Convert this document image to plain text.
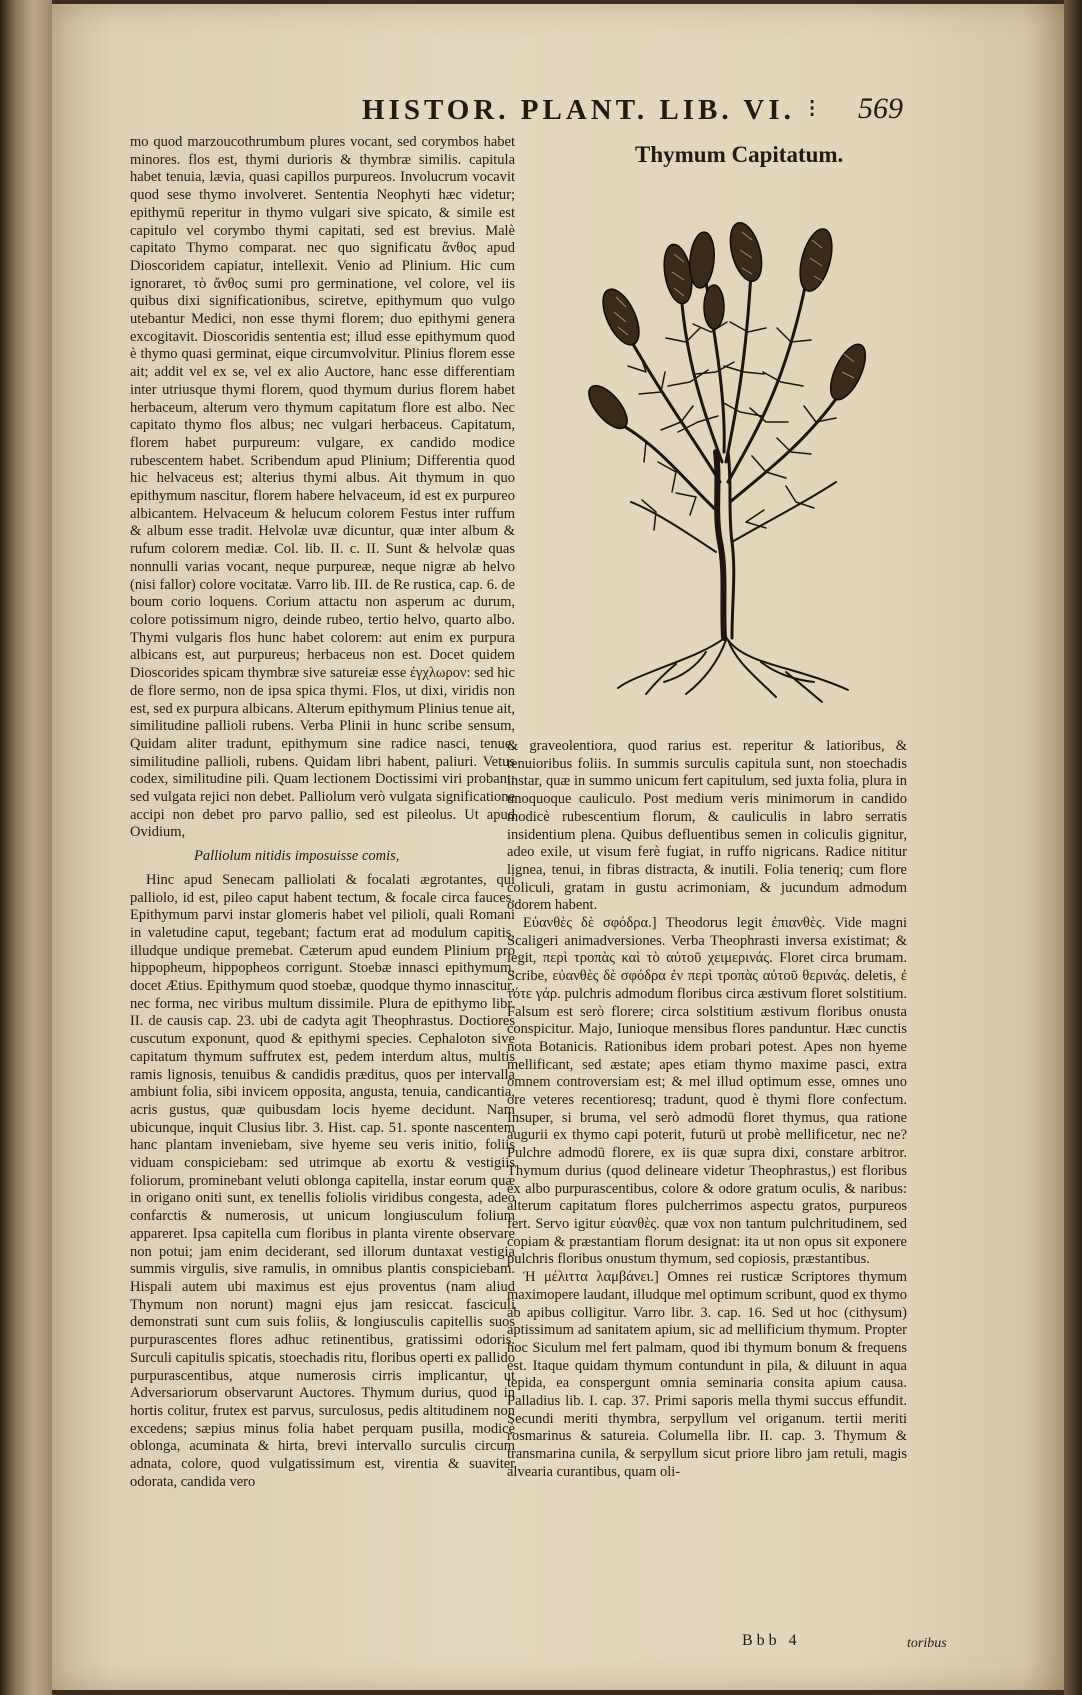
HISTOR. PLANT. LIB. VI. ⁝ 569

mo quod marzoucothrumbum plures vocant, sed corymbos habet minores. flos est, thymi durioris & thymbræ similis. capitula habet tenuia, lævia, quasi capillos purpureos. Involucrum vocavit quod sese thymo involveret. Sententia Neophyti hæc videtur; epithymū reperitur in thymo vulgari sive spicato, & simile est capitulo vel corymbo thymi capitati, sed est brevius. Malè capitato Thymo comparat. nec quo significatu ἄνθος apud Dioscoridem capiatur, intellexit. Venio ad Plinium. Hic cum ignoraret, τὸ ἄνθος sumi pro germinatione, vel colore, vel iis quibus dixi significationibus, sciretve, epithymum quo vulgo utebantur Medici, non esse thymi florem; duo epithymi genera excogitavit. Dioscoridis sententia est; illud esse epithymum quod è thymo quasi germinat, eique circumvolvitur. Plinius florem esse ait; addit vel ex se, vel ex alio Auctore, hanc esse differentiam inter utriusque thymi florem, quod thymum durius florem habet herbaceum, alterum vero thymum capitatum flore est albo. Nec capitato thymo flos albus; nec vulgari herbaceus. Capitatum, florem habet purpureum: vulgare, ex candido modice rubescentem habet. Scribendum apud Plinium; Differentia quod hic helvaceus est; alterius thymi albus. Ait thymum in quo epithymum nascitur, florem habere helvaceum, id est ex purpureo albicantem. Helvaceum & helucum colorem Festus inter ruffum & album esse tradit. Helvolæ uvæ dicuntur, quæ inter album & rufum colorem mediæ. Col. lib. II. c. II. Sunt & helvolæ quas nonnulli varias vocant, neque purpureæ, neque nigræ ab helvo (nisi fallor) colore vocitatæ. Varro lib. III. de Re rustica, cap. 6. de boum corio loquens. Corium attactu non asperum ac durum, colore potissimum nigro, deinde rubeo, tertio helvo, quarto albo. Thymi vulgaris flos hunc habet colorem: aut enim ex purpura albicans est, aut purpureus; herbaceus non est. Docet quidem Dioscorides spicam thymbræ sive satureiæ esse ἐγχλωρον: sed hic de flore sermo, non de ipsa spica thymi. Flos, ut dixi, viridis non est, sed ex purpura albicans. Alterum epithymum Plinius tenue ait, similitudine pallioli rubens. Verba Plinii in hunc scribe sensum, Quidam aliter tradunt, epithymum sine radice nasci, tenue, similitudine pallioli, rubens. Quidam libri habent, paliuri. Vetus codex, similitudine pili. Quam lectionem Doctissimi viri probant: sed vulgata rejici non debet. Palliolum verò vulgata significatione accipi non debet pro parvo pallio, sed est pileolus. Ut apud Ovidium,

Palliolum nitidis imposuisse comis,

Hinc apud Senecam palliolati & focalati ægrotantes, qui palliolo, id est, pileo caput habent tectum, & focale circa fauces. Epithymum parvi instar glomeris habet vel pilioli, quali Romani in valetudine caput, tegebant; factum erat ad modulum capitis, illudque undique premebat. Cæterum apud eundem Plinium pro hippopheum, hippopheos corrigunt. Stoebæ innasci epithymum, docet Ætius. Epithymum quod stoebæ, quodque thymo innascitur, nec forma, nec viribus multum dissimile. Plura de epithymo libr. II. de causis cap. 23. ubi de cadyta agit Theophrastus. Doctiores cuscutum exponunt, quod & epithymi species. Cephaloton sive capitatum thymum suffrutex est, pedem interdum altus, multis ramis lignosis, tenuibus & candidis præditus, quos per intervalla ambiunt folia, sibi invicem opposita, angusta, tenuia, candicantia, acris gustus, quæ quibusdam locis hyeme decidunt. Nam ubicunque, inquit Clusius libr. 3. Hist. cap. 51. sponte nascentem hanc plantam inveniebam, sive hyeme seu veris initio, foliis viduam conspiciebam: sed utrimque ab exortu & vestigiis foliorum, prominebant veluti oblonga capitella, instar eorum quæ in origano oniti sunt, ex tenellis foliolis viridibus congesta, adeo confarctis & numerosis, ut unicum longiusculum folium appareret. Ipsa capitella cum floribus in planta virente observare non potui; jam enim deciderant, sed illorum duntaxat vestigia summis virgulis, sive ramulis, in omnibus plantis conspiciebam. Hispali autem ubi maximus est ejus proventus (nam aliud Thymum non norunt) magni ejus jam resiccat. fasciculi demonstrati sunt cum suis foliis, & longiusculis capitellis suos purpurascentes flores adhuc retinentibus, gratissimi odoris. Surculi capitulis spicatis, stoechadis ritu, floribus operti ex pallido purpurascentibus, atque numerosis cirris implicantur, ut Adversariorum observarunt Auctores. Thymum durius, quod in hortis colitur, frutex est parvus, surculosus, pedis altitudinem non excedens; sæpius minus folia habet perquam pusilla, modicè oblonga, acuminata & hirta, brevi intervallo surculis circum adnata, colore, quod vulgatissimum est, virentia & suaviter odorata, candida vero

Thymum Capitatum.

& graveolentiora, quod rarius est. reperitur & latioribus, & tenuioribus foliis. In summis surculis capitula sunt, non stoechadis instar, quæ in summo unicum fert capitulum, sed juxta folia, plura in unoquoque cauliculo. Post medium veris minimorum in candido modicè rubescentium florum, & cauliculis in labro serratis insidentium plena. Quibus defluentibus semen in coliculis gignitur, adeo exile, ut visum ferè fugiat, in ruffo nigricans. Radice nititur lignea, tenui, in fibras distracta, & inutili. Folia teneriq; cum flore coliculi, gratam in gustu acrimoniam, & jucundum admodum odorem habent.

Εὐανθὲς δὲ σφόδρα.] Theodorus legit ἐπιανθὲς. Vide magni Scaligeri animadversiones. Verba Theophrasti inversa existimat; & legit, περὶ τροπὰς καὶ τὸ αὐτοῦ χειμερινάς. Floret circa brumam. Scribe, εὐανθὲς δὲ σφόδρα ἐν περὶ τροπὰς αὐτοῦ θερινάς. deletis, ἐ τότε γάρ. pulchris admodum floribus circa æstivum floret solstitium. Falsum est serò florere; circa solstitium æstivum floribus onusta conspicitur. Majo, Iunioque mensibus flores panduntur. Hæc cunctis nota Botanicis. Rationibus idem probari potest. Apes non hyeme mellificant, sed æstate; apes etiam thymo maxime pasci, extra omnem controversiam est; & mel illud optimum esse, omnes uno ore veteres recentioresq; tradunt, quod è thymi flore confectum. Insuper, si bruma, vel serò admodū floret thymus, qua ratione augurii ex thymo capi poterit, futurū ut probè mellificetur, nec ne? Pulchre admodū florere, ex iis quæ supra dixi, constare arbitror. Thymum durius (quod delineare videtur Theophrastus,) est floribus ex albo purpurascentibus, colore & odore gratum oculis, & naribus: alterum capitatum flores pulcherrimos aspectu gratos, purpureos fert. Servo igitur εὐανθὲς. quæ vox non tantum pulchritudinem, sed copiam & præstantiam florum designat: ita ut non opus sit exponere pulchris floribus onustum thymum, sed copiosis, præstantibus.

Ἡ μέλιττα λαμβάνει.] Omnes rei rusticæ Scriptores thymum maximopere laudant, illudque mel optimum scribunt, quod ex thymo ab apibus colligitur. Varro libr. 3. cap. 16. Sed ut hoc (cithysum) aptissimum ad sanitatem apium, sic ad mellificium thymum. Propter hoc Siculum mel fert palmam, quod ibi thymum bonum & frequens est. Itaque quidam thymum contundunt in pila, & diluunt in aqua tepida, ea conspergunt omnia seminaria consita apium causa. Palladius lib. I. cap. 37. Primi saporis mella thymi succus effundit. Secundi meriti thymbra, serpyllum vel origanum. tertii meriti rosmarinus & satureia. Columella libr. II. cap. 3. Thymum & transmarina cunila, & serpyllum sicut priore libro jam retuli, magis alvearia curantibus, quam oli-

Bbb 4	toribus
